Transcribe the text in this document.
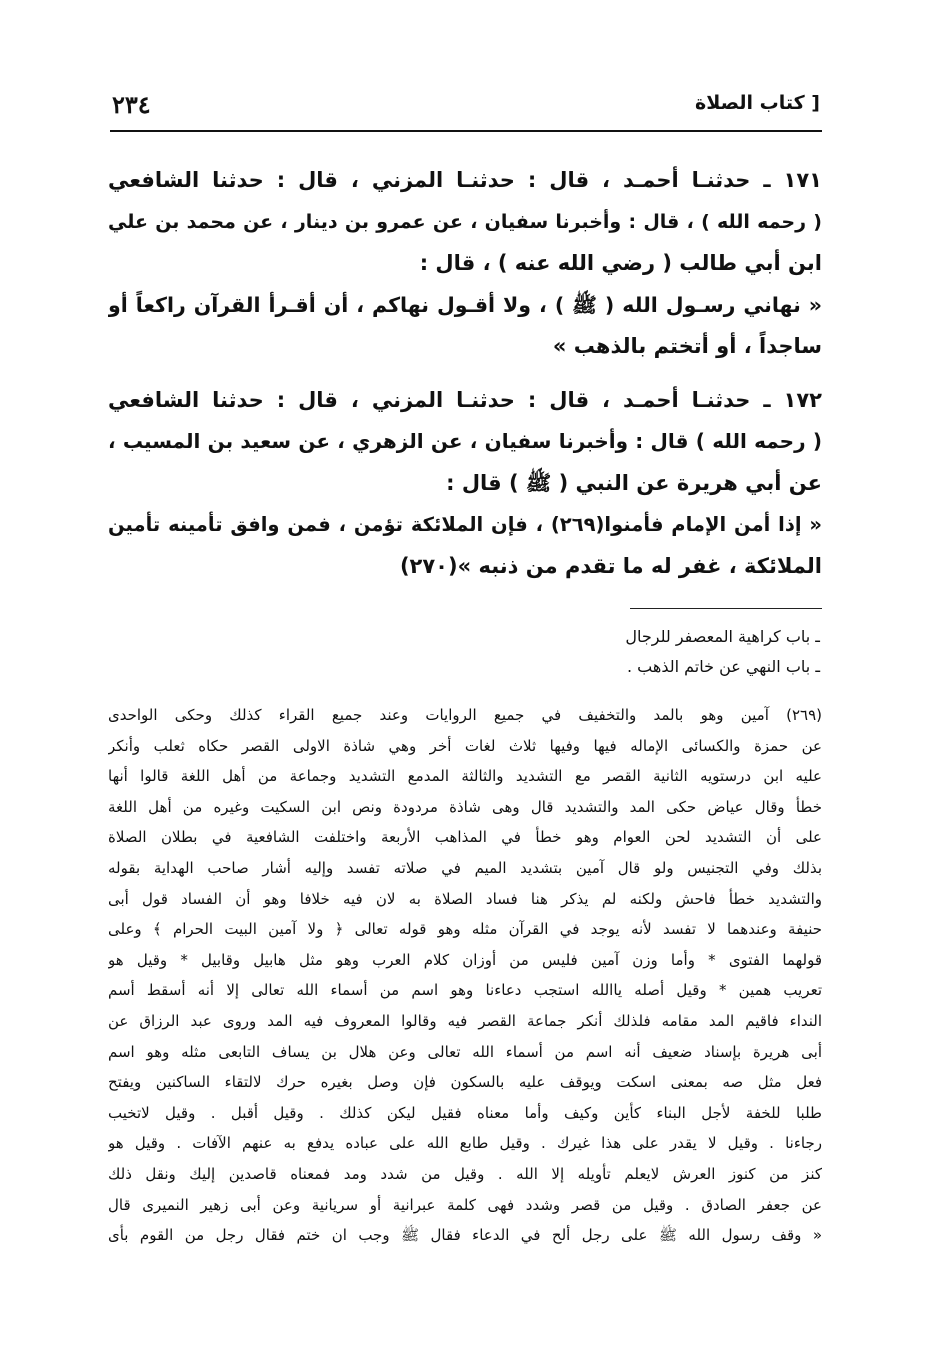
٢٣٤	[ كتاب الصلاة
١٧١ ـ حدثنـا أحمـد ، قال : حدثنـا المزني ، قال : حدثنا الشافعي
( رحمه الله ) ، قال : وأخبرنا سفيان ، عن عمرو بن دينار ، عن محمد بن علي
ابن أبي طالب ( رضي الله عنه ) ، قال :
« نهاني رسـول الله ( ﷺ ) ، ولا أقـول نهاكم ، أن أقـرأ القرآن راكعاً أو
ساجداً ، أو أتختم بالذهب »
١٧٢ ـ حدثنـا أحمـد ، قال : حدثنـا المزني ، قال : حدثنا الشافعي
( رحمه الله ) قال : وأخبرنا سفيان ، عن الزهري ، عن سعيد بن المسيب ،
عن أبي هريرة عن النبي ( ﷺ ) قال :
« إذا أمن الإمام فأمنوا(٢٦٩) ، فإن الملائكة تؤمن ، فمن وافق تأمينه تأمين
الملائكة ، غفر له ما تقدم من ذنبه »(٢٧٠)
ـ باب كراهية المعصفر للرجال
ـ باب النهي عن خاتم الذهب .
(٢٦٩) آمين وهو بالمد والتخفيف في جميع الروايات وعند جميع القراء كذلك وحكى الواحدى
عن حمزة والكسائى الإماله فيها وفيها ثلاث لغات أخر وهي شاذة الاولى القصر حكاه ثعلب وأنكر
عليه ابن درستويه الثانية القصر مع التشديد والثالثة المدمع التشديد وجماعة من أهل اللغة قالوا أنها
خطأ وقال عياض حكى المد والتشديد قال وهى شاذة مردودة ونص ابن السكيت وغيره من أهل اللغة
على أن التشديد لحن العوام وهو خطأ في المذاهب الأربعة واختلفت الشافعية في بطلان الصلاة
بذلك وفي التجنيس ولو قال آمين بتشديد الميم في صلاته تفسد وإليه أشار صاحب الهداية بقوله
والتشديد خطأ فاحش ولكنه لم يذكر هنا فساد الصلاة به لان فيه خلافا وهو أن الفساد قول أبى
حنيفة وعندهما لا تفسد لأنه يوجد في القرآن مثله وهو قوله تعالى ﴿ ولا آمين البيت الحرام ﴾ وعلى
قولهما الفتوى * وأما وزن آمين فليس من أوزان كلام العرب وهو مثل هابيل وقابيل * وقيل هو
تعريب همين * وقيل أصله ياالله استجب دعاءنا وهو اسم من أسماء الله تعالى إلا أنه أسقط أسم
النداء فاقيم المد مقامه فلذلك أنكر جماعة القصر فيه وقالوا المعروف فيه المد وروى عبد الرزاق عن
أبى هريرة بإسناد ضعيف أنه اسم من أسماء الله تعالى وعن هلال بن يساف التابعى مثله وهو اسم
فعل مثل صه بمعنى اسكت ويوقف عليه بالسكون فإن وصل بغيره حرك لالتقاء الساكنين ويفتح
طلبا للخفة لأجل البناء كأين وكيف وأما معناه فقيل ليكن كذلك . وقيل أقبل . وقيل لاتخيب
رجاءنا . وقيل لا يقدر على هذا غيرك . وقيل طابع الله على عباده يدفع به عنهم الآفات . وقيل هو
كنز من كنوز العرش لايعلم تأويله إلا الله . وقيل من شدد ومد فمعناه قاصدين إليك ونقل ذلك
عن جعفر الصادق . وقيل من قصر وشدد فهى كلمة عبرانية أو سريانية وعن أبى زهير النميرى قال
« وقف رسول الله ﷺ على رجل ألح في الدعاء فقال ﷺ وجب ان ختم فقال رجل من القوم بأى
